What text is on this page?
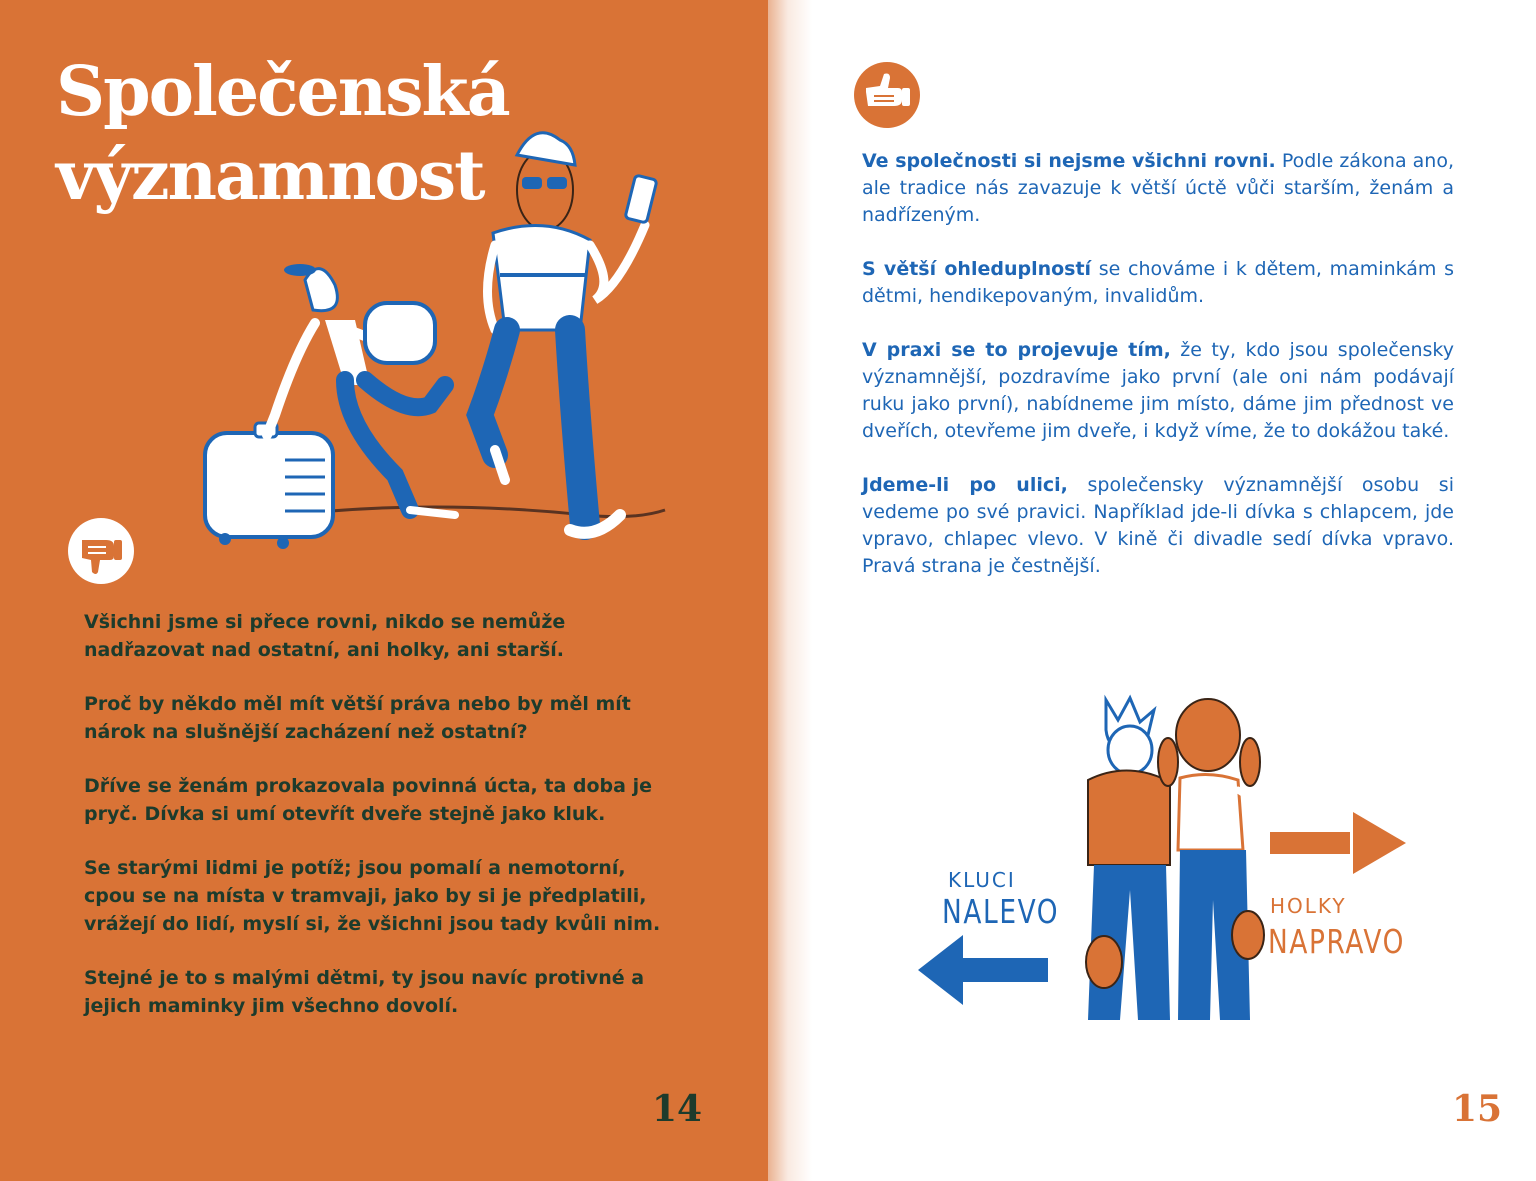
Společenská
významnost

Všichni jsme si přece rovni, nikdo se nemůže nadřazovat nad ostatní, ani holky, ani starší.

Proč by někdo měl mít větší práva nebo by měl mít nárok na slušnější zacházení než ostatní?

Dříve se ženám prokazovala povinná úcta, ta doba je pryč. Dívka si umí otevřít dveře stejně jako kluk.

Se starými lidmi je potíž; jsou pomalí a nemotorní, cpou se na místa v tramvaji, jako by si je předplatili, vrážejí do lidí, myslí si, že všichni jsou tady kvůli nim.

Stejné je to s malými dětmi, ty jsou navíc protivné a jejich maminky jim všechno dovolí.

14

Ve společnosti si nejsme všichni rovni. Podle zákona ano, ale tradice nás zavazuje k větší úctě vůči starším, ženám a nadřízeným.

S větší ohleduplností se chováme i k dětem, maminkám s dětmi, hendikepovaným, invalidům.

V praxi se to projevuje tím, že ty, kdo jsou společensky významnější, pozdravíme jako první (ale oni nám podávají ruku jako první), nabídneme jim místo, dáme jim přednost ve dveřích, otevřeme jim dveře, i když víme, že to dokážou také.

Jdeme-li po ulici, společensky významnější osobu si vedeme po své pravici. Například jde-li dívka s chlapcem, jde vpravo, chlapec vlevo. V kině či divadle sedí dívka vpravo. Pravá strana je čestnější.

KLUCI
NALEVO	HOLKY
NAPRAVO
15
